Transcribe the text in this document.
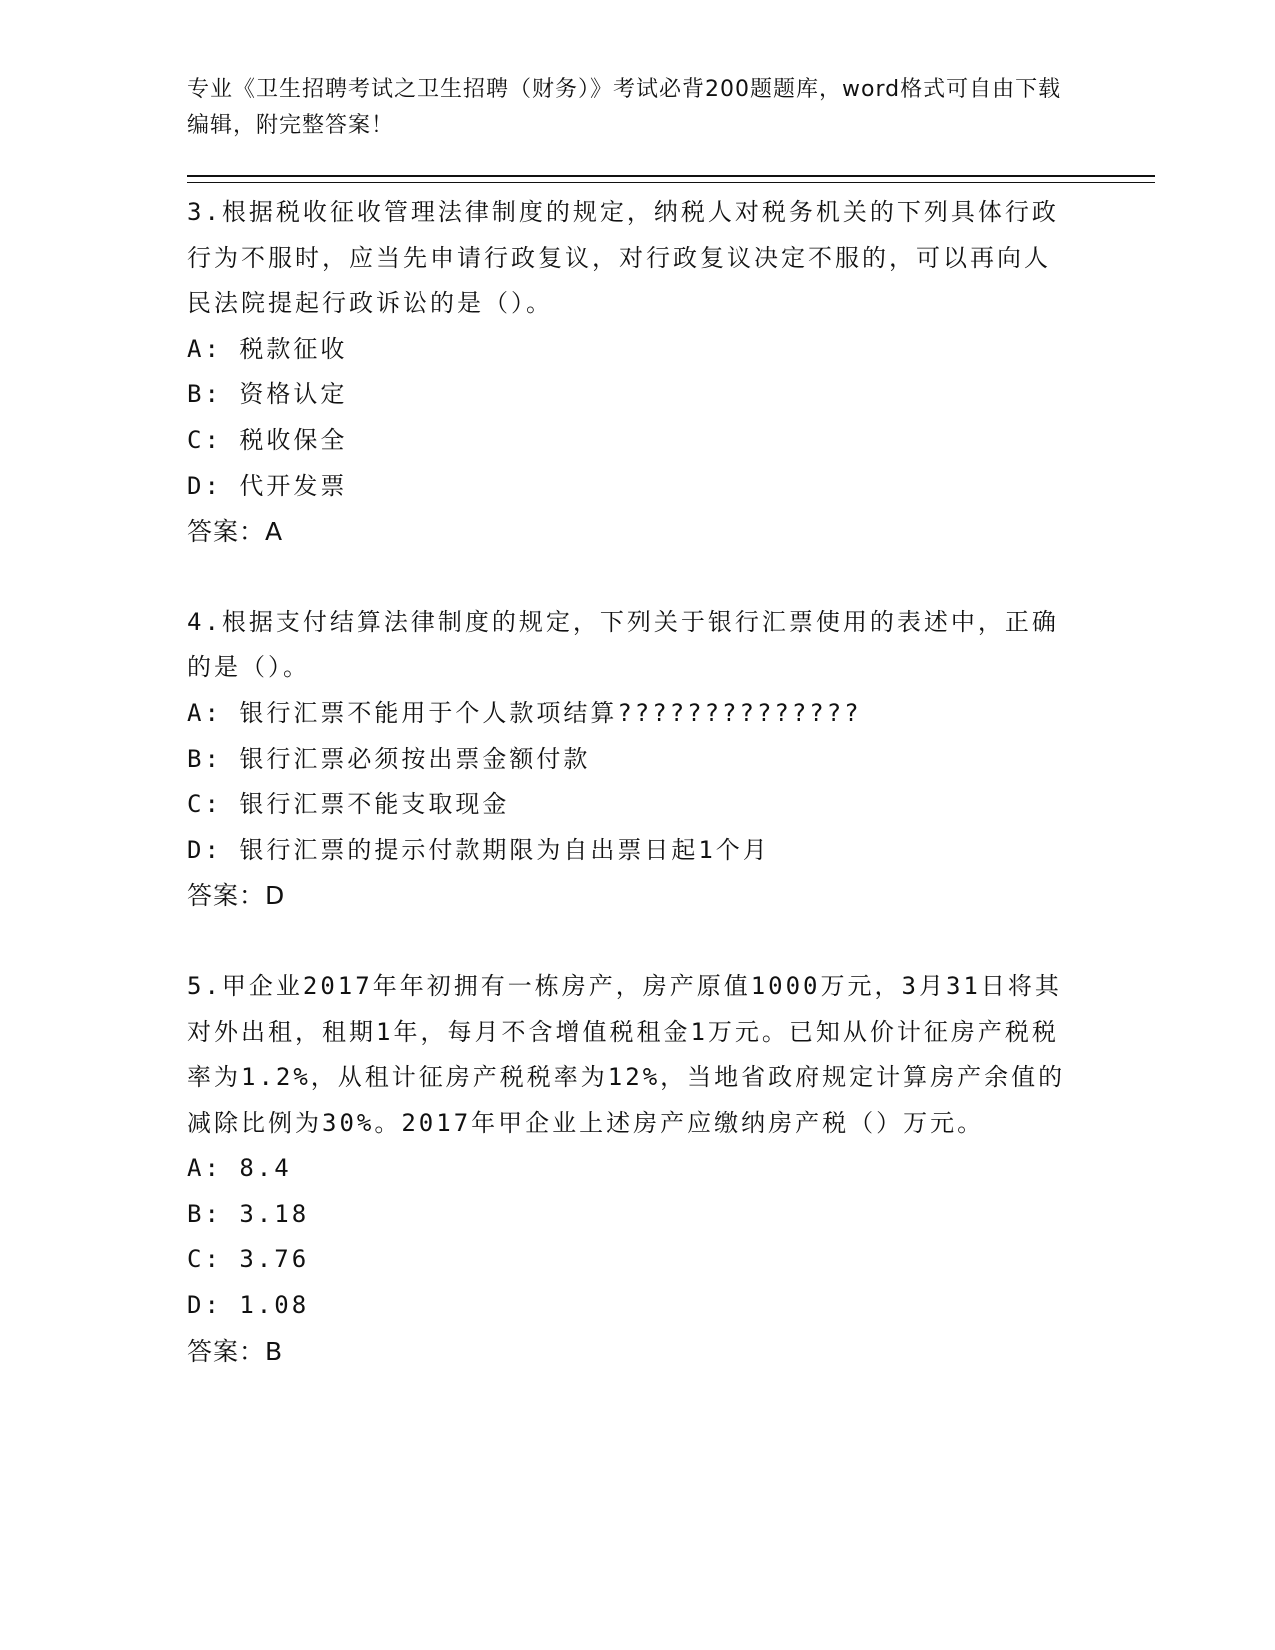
专业《卫生招聘考试之卫生招聘（财务）》考试必背200题题库，word格式可自由下载编辑，附完整答案！
3.根据税收征收管理法律制度的规定，纳税人对税务机关的下列具体行政行为不服时，应当先申请行政复议，对行政复议决定不服的，可以再向人民法院提起行政诉讼的是（）。
A: 税款征收
B: 资格认定
C: 税收保全
D: 代开发票
答案：A
4.根据支付结算法律制度的规定，下列关于银行汇票使用的表述中，正确的是（）。
A: 银行汇票不能用于个人款项结算??????????????
B: 银行汇票必须按出票金额付款
C: 银行汇票不能支取现金
D: 银行汇票的提示付款期限为自出票日起1个月
答案：D
5.甲企业2017年年初拥有一栋房产，房产原值1000万元，3月31日将其对外出租，租期1年，每月不含增值税租金1万元。已知从价计征房产税税率为1.2%，从租计征房产税税率为12%，当地省政府规定计算房产余值的减除比例为30%。2017年甲企业上述房产应缴纳房产税（）万元。
A: 8.4
B: 3.18
C: 3.76
D: 1.08
答案：B
